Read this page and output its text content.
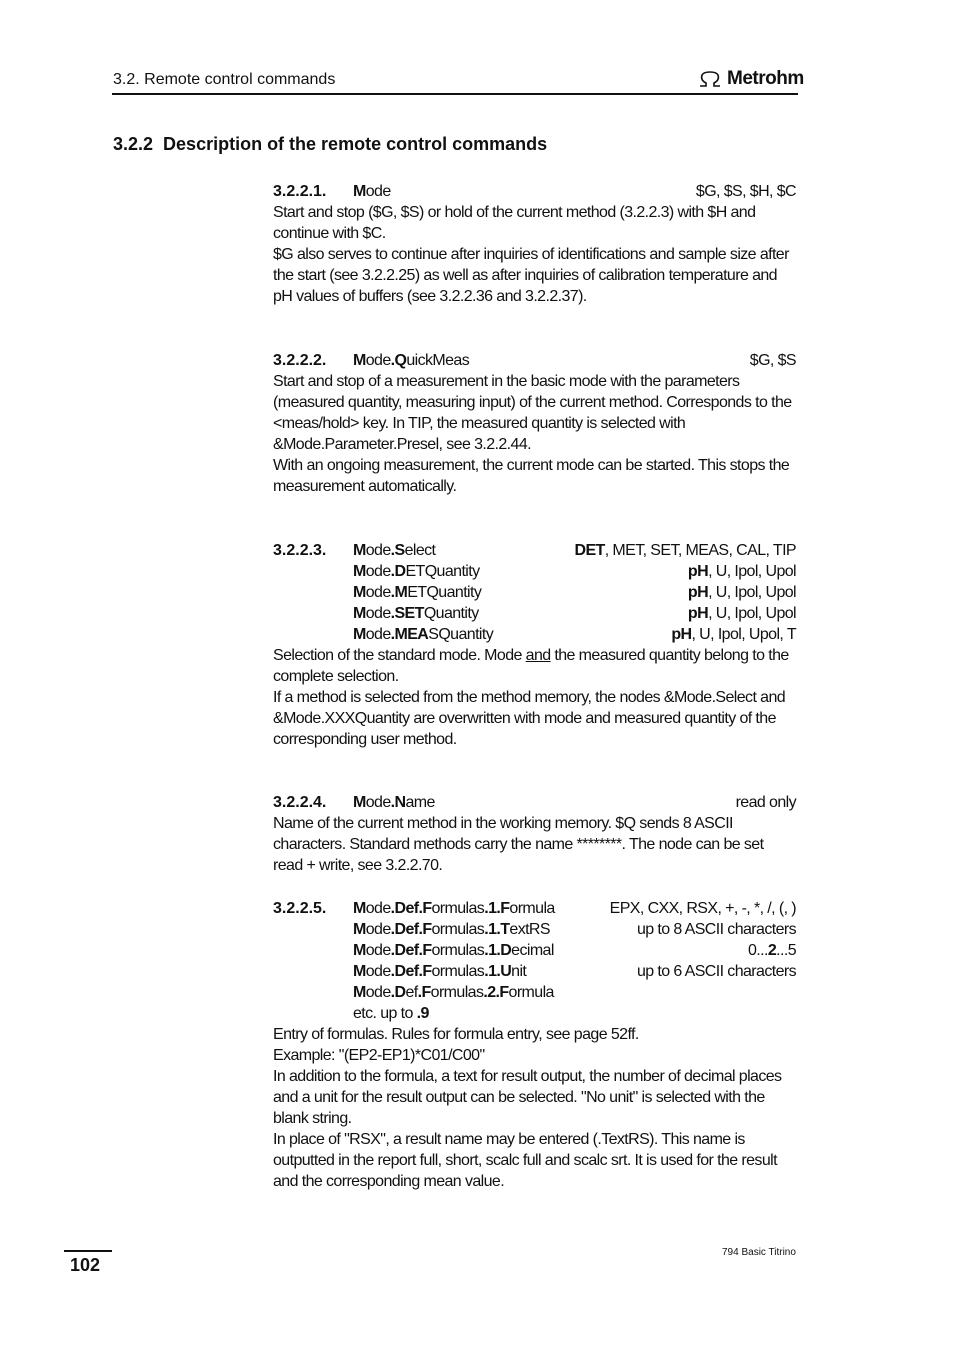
3.2. Remote control commands	Metrohm
3.2.2 Description of the remote control commands
3.2.2.1. Mode	$G, $S, $H, $C

Start and stop ($G, $S) or hold of the current method (3.2.2.3) with $H and continue with $C.

$G also serves to continue after inquiries of identifications and sample size after the start (see 3.2.2.25) as well as after inquiries of calibration temperature and pH values of buffers (see 3.2.2.36 and 3.2.2.37).

3.2.2.2. Mode.QuickMeas	$G, $S

Start and stop of a measurement in the basic mode with the parameters (measured quantity, measuring input) of the current method. Corresponds to the <meas/hold> key. In TIP, the measured quantity is selected with &Mode.Parameter.Presel, see 3.2.2.44.

With an ongoing measurement, the current mode can be started. This stops the measurement automatically.

3.2.2.3. Mode.Select	DET, MET, SET, MEAS, CAL, TIP
Mode.DETQuantity	pH, U, Ipol, Upol
Mode.METQuantity	pH, U, Ipol, Upol
Mode.SETQuantity	pH, U, Ipol, Upol
Mode.MEASQuantity	pH, U, Ipol, Upol, T

Selection of the standard mode. Mode and the measured quantity belong to the complete selection.

If a method is selected from the method memory, the nodes &Mode.Select and &Mode.XXXQuantity are overwritten with mode and measured quantity of the corresponding user method.

3.2.2.4. Mode.Name	read only

Name of the current method in the working memory. $Q sends 8 ASCII characters. Standard methods carry the name ********. The node can be set read + write, see 3.2.2.70.

3.2.2.5. Mode.Def.Formulas.1.Formula	EPX, CXX, RSX, +, -, *, /, (, )
Mode.Def.Formulas.1.TextRS	up to 8 ASCII characters
Mode.Def.Formulas.1.Decimal	0...2...5
Mode.Def.Formulas.1.Unit	up to 6 ASCII characters
Mode.Def.Formulas.2.Formula
etc. up to .9

Entry of formulas. Rules for formula entry, see page 52ff.

Example: "(EP2-EP1)*C01/C00"

In addition to the formula, a text for result output, the number of decimal places and a unit for the result output can be selected. "No unit" is selected with the blank string.

In place of "RSX", a result name may be entered (.TextRS). This name is outputted in the report full, short, scalc full and scalc srt. It is used for the result and the corresponding mean value.

102
794 Basic Titrino
